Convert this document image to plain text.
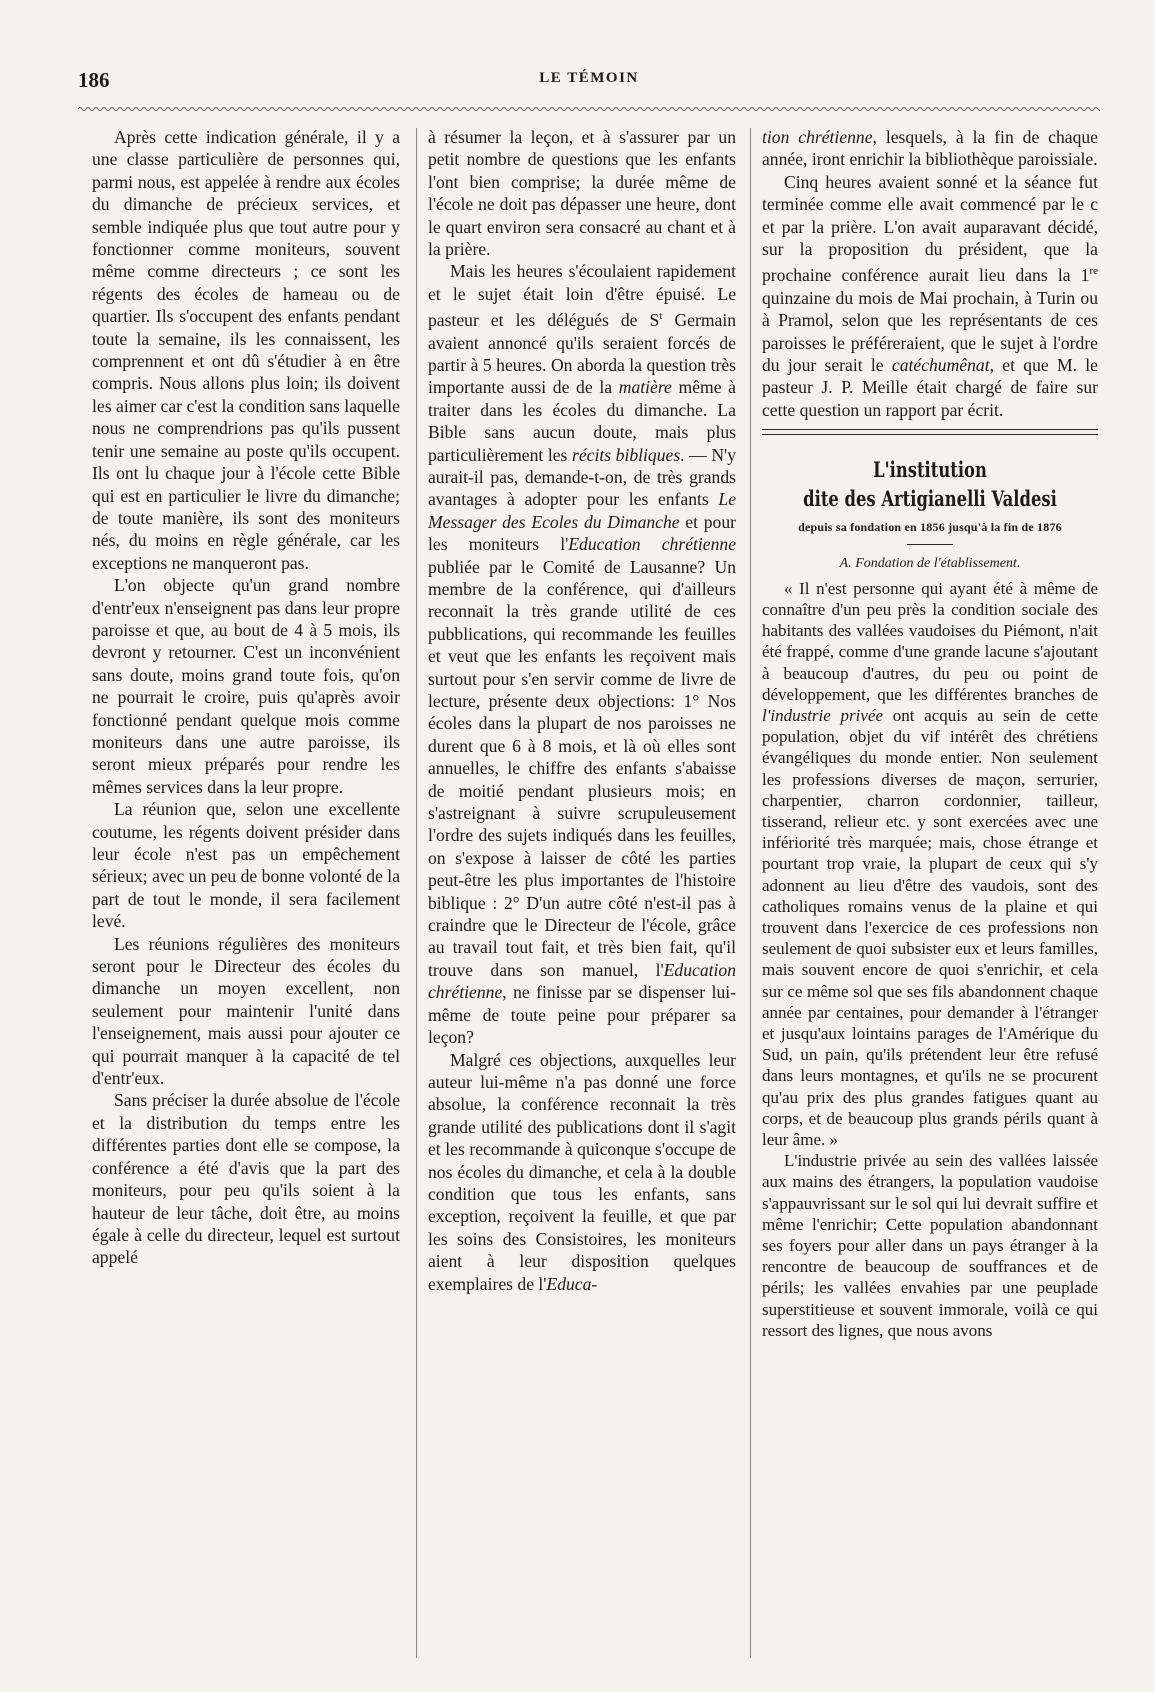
186	LE TÉMOIN

Après cette indication générale, il y a une classe particulière de personnes qui, parmi nous, est appelée à rendre aux écoles du dimanche de précieux services, et semble indiquée plus que tout autre pour y fonctionner comme moniteurs, souvent même comme directeurs ; ce sont les régents des écoles de hameau ou de quartier. Ils s'occupent des enfants pendant toute la semaine, ils les connaissent, les comprennent et ont dû s'étudier à en être compris. Nous allons plus loin; ils doivent les aimer car c'est la condition sans laquelle nous ne comprendrions pas qu'ils pussent tenir une semaine au poste qu'ils occupent. Ils ont lu chaque jour à l'école cette Bible qui est en particulier le livre du dimanche; de toute manière, ils sont des moniteurs nés, du moins en règle générale, car les exceptions ne manqueront pas.

L'on objecte qu'un grand nombre d'entr'eux n'enseignent pas dans leur propre paroisse et que, au bout de 4 à 5 mois, ils devront y retourner. C'est un inconvénient sans doute, moins grand toute fois, qu'on ne pourrait le croire, puis qu'après avoir fonctionné pendant quelque mois comme moniteurs dans une autre paroisse, ils seront mieux préparés pour rendre les mêmes services dans la leur propre.

La réunion que, selon une excellente coutume, les régents doivent présider dans leur école n'est pas un empêchement sérieux; avec un peu de bonne volonté de la part de tout le monde, il sera facilement levé.

Les réunions régulières des moniteurs seront pour le Directeur des écoles du dimanche un moyen excellent, non seulement pour maintenir l'unité dans l'enseignement, mais aussi pour ajouter ce qui pourrait manquer à la capacité de tel d'entr'eux.

Sans préciser la durée absolue de l'école et la distribution du temps entre les différentes parties dont elle se compose, la conférence a été d'avis que la part des moniteurs, pour peu qu'ils soient à la hauteur de leur tâche, doit être, au moins égale à celle du directeur, lequel est surtout appelé

à résumer la leçon, et à s'assurer par un petit nombre de questions que les enfants l'ont bien comprise; la durée même de l'école ne doit pas dépasser une heure, dont le quart environ sera consacré au chant et à la prière.

Mais les heures s'écoulaient rapidement et le sujet était loin d'être épuisé. Le pasteur et les délégués de $S^t$ Germain avaient annoncé qu'ils seraient forcés de partir à 5 heures. On aborda la question très importante aussi de de la matière même à traiter dans les écoles du dimanche. La Bible sans aucun doute, mais plus particulièrement les récits bibliques. — N'y aurait-il pas, demande-t-on, de très grands avantages à adopter pour les enfants Le Messager des Ecoles du Dimanche et pour les moniteurs l'Education chrétienne publiée par le Comité de Lausanne? Un membre de la conférence, qui d'ailleurs reconnait la très grande utilité de ces pubblications, qui recommande les feuilles et veut que les enfants les reçoivent mais surtout pour s'en servir comme de livre de lecture, présente deux objections: 1° Nos écoles dans la plupart de nos paroisses ne durent que 6 à 8 mois, et là où elles sont annuelles, le chiffre des enfants s'abaisse de moitié pendant plusieurs mois; en s'astreignant à suivre scrupuleusement l'ordre des sujets indiqués dans les feuilles, on s'expose à laisser de côté les parties peut-être les plus importantes de l'histoire biblique : 2° D'un autre côté n'est-il pas à craindre que le Directeur de l'école, grâce au travail tout fait, et très bien fait, qu'il trouve dans son manuel, l'Education chrétienne, ne finisse par se dispenser lui-même de toute peine pour préparer sa leçon?

Malgré ces objections, auxquelles leur auteur lui-même n'a pas donné une force absolue, la conférence reconnait la très grande utilité des publications dont il s'agit et les recommande à quiconque s'occupe de nos écoles du dimanche, et cela à la double condition que tous les enfants, sans exception, reçoivent la feuille, et que par les soins des Consistoires, les moniteurs aient à leur disposition quelques exemplaires de l'Educa-

tion chrétienne, lesquels, à la fin de chaque année, iront enrichir la bibliothèque paroissiale.

Cinq heures avaient sonné et la séance fut terminée comme elle avait commencé par le c et par la prière. L'on avait auparavant décidé, sur la proposition du président, que la prochaine conférence aurait lieu dans la 1re quinzaine du mois de Mai prochain, à Turin ou à Pramol, selon que les représentants de ces paroisses le préféreraient, que le sujet à l'ordre du jour serait le catéchumênat, et que M. le pasteur J. P. Meille était chargé de faire sur cette question un rapport par écrit.

L'institution
dite des Artigianelli Valdesi
depuis sa fondation en 1856 jusqu'à la fin de 1876
A. Fondation de l'établissement.

« Il n'est personne qui ayant été à même de connaître d'un peu près la condition sociale des habitants des vallées vaudoises du Piémont, n'ait été frappé, comme d'une grande lacune s'ajoutant à beaucoup d'autres, du peu ou point de développement, que les différentes branches de l'industrie privée ont acquis au sein de cette population, objet du vif intérêt des chrétiens évangéliques du monde entier. Non seulement les professions diverses de maçon, serrurier, charpentier, charron cordonnier, tailleur, tisserand, relieur etc. y sont exercées avec une infériorité très marquée; mais, chose étrange et pourtant trop vraie, la plupart de ceux qui s'y adonnent au lieu d'être des vaudois, sont des catholiques romains venus de la plaine et qui trouvent dans l'exercice de ces professions non seulement de quoi subsister eux et leurs familles, mais souvent encore de quoi s'enrichir, et cela sur ce même sol que ses fils abandonnent chaque année par centaines, pour demander à l'étranger et jusqu'aux lointains parages de l'Amérique du Sud, un pain, qu'ils prétendent leur être refusé dans leurs montagnes, et qu'ils ne se procurent qu'au prix des plus grandes fatigues quant au corps, et de beaucoup plus grands périls quant à leur âme. »

L'industrie privée au sein des vallées laissée aux mains des étrangers, la population vaudoise s'appauvrissant sur le sol qui lui devrait suffire et même l'enrichir; Cette population abandonnant ses foyers pour aller dans un pays étranger à la rencontre de beaucoup de souffrances et de périls; les vallées envahies par une peuplade superstitieuse et souvent immorale, voilà ce qui ressort des lignes, que nous avons
